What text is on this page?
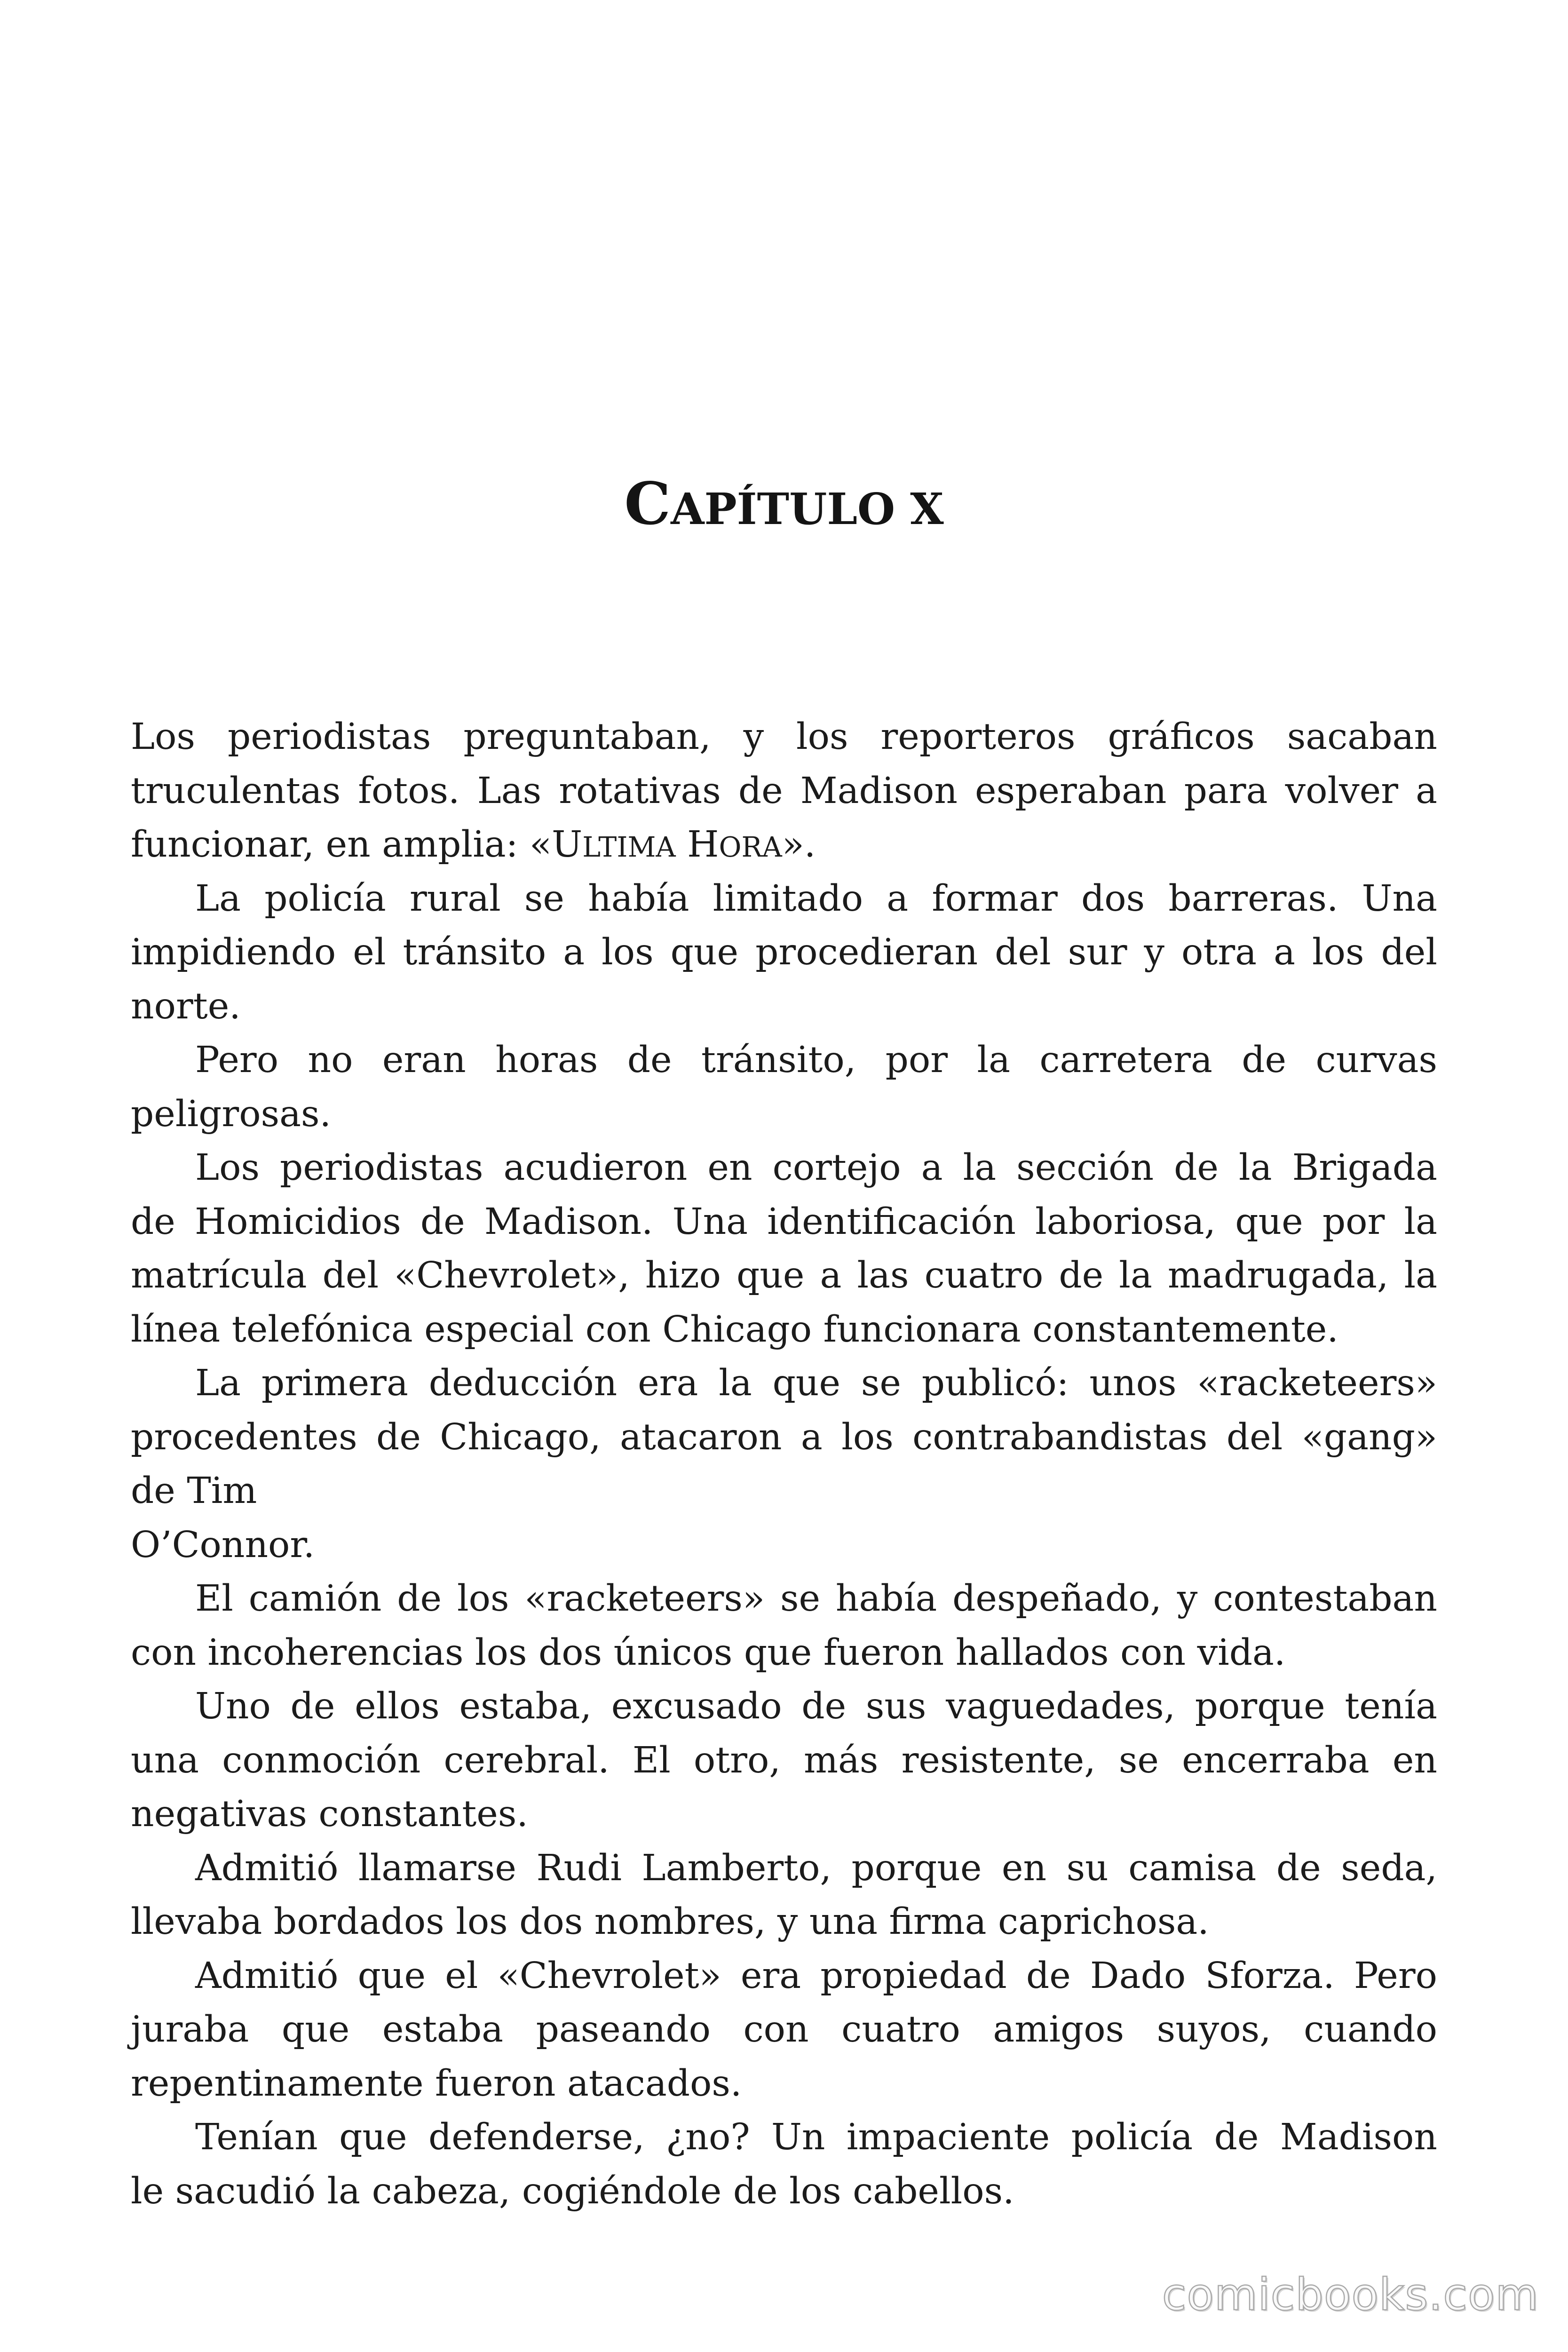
CAPÍTULO X
Los periodistas preguntaban, y los reporteros gráficos sacaban
truculentas fotos. Las rotativas de Madison esperaban para volver a
funcionar, en amplia: «ULTIMA HORA».
La policía rural se había limitado a formar dos barreras. Una
impidiendo el tránsito a los que procedieran del sur y otra a los del
norte.
Pero no eran horas de tránsito, por la carretera de curvas
peligrosas.
Los periodistas acudieron en cortejo a la sección de la Brigada
de Homicidios de Madison. Una identificación laboriosa, que por la
matrícula del «Chevrolet», hizo que a las cuatro de la madrugada, la
línea telefónica especial con Chicago funcionara constantemente.
La primera deducción era la que se publicó: unos «racketeers»
procedentes de Chicago, atacaron a los contrabandistas del «gang»
de Tim
O’Connor.
El camión de los «racketeers» se había despeñado, y contestaban
con incoherencias los dos únicos que fueron hallados con vida.
Uno de ellos estaba, excusado de sus vaguedades, porque tenía
una conmoción cerebral. El otro, más resistente, se encerraba en
negativas constantes.
Admitió llamarse Rudi Lamberto, porque en su camisa de seda,
llevaba bordados los dos nombres, y una firma caprichosa.
Admitió que el «Chevrolet» era propiedad de Dado Sforza. Pero
juraba que estaba paseando con cuatro amigos suyos, cuando
repentinamente fueron atacados.
Tenían que defenderse, ¿no? Un impaciente policía de Madison
le sacudió la cabeza, cogiéndole de los cabellos.
comicbooks.com
